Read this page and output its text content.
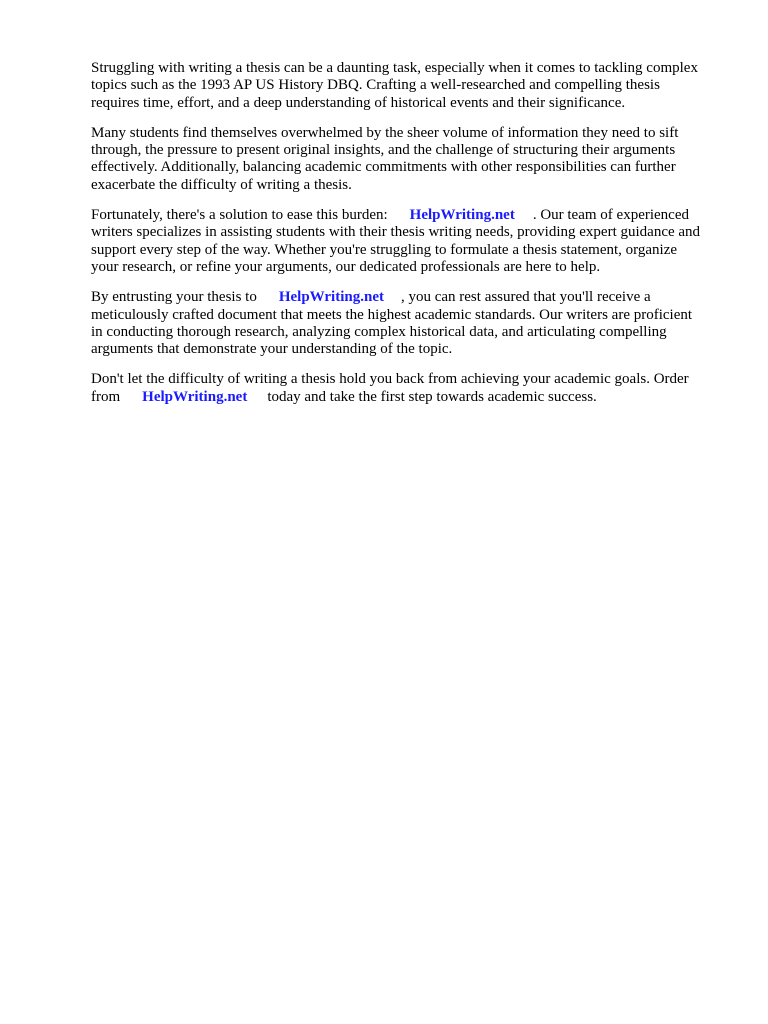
Struggling with writing a thesis can be a daunting task, especially when it comes to tackling complex
topics such as the 1993 AP US History DBQ. Crafting a well-researched and compelling thesis
requires time, effort, and a deep understanding of historical events and their significance.

Many students find themselves overwhelmed by the sheer volume of information they need to sift
through, the pressure to present original insights, and the challenge of structuring their arguments
effectively. Additionally, balancing academic commitments with other responsibilities can further
exacerbate the difficulty of writing a thesis.

Fortunately, there's a solution to ease this burden: HelpWriting.net . Our team of experienced
writers specializes in assisting students with their thesis writing needs, providing expert guidance and
support every step of the way. Whether you're struggling to formulate a thesis statement, organize
your research, or refine your arguments, our dedicated professionals are here to help.

By entrusting your thesis to HelpWriting.net , you can rest assured that you'll receive a
meticulously crafted document that meets the highest academic standards. Our writers are proficient
in conducting thorough research, analyzing complex historical data, and articulating compelling
arguments that demonstrate your understanding of the topic.

Don't let the difficulty of writing a thesis hold you back from achieving your academic goals. Order
from HelpWriting.net today and take the first step towards academic success.
